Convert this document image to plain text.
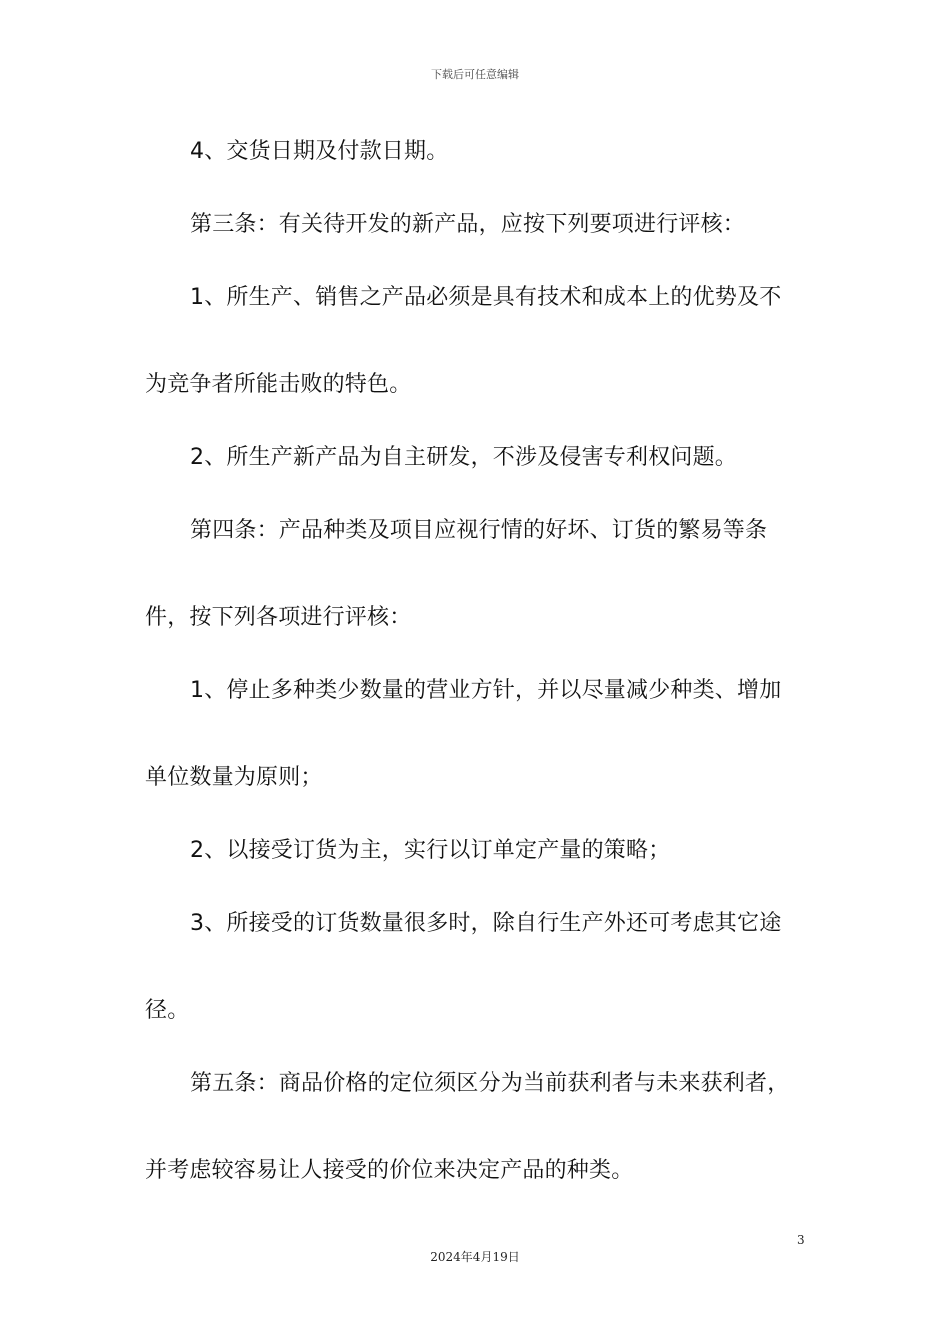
下载后可任意编辑
4、交货日期及付款日期。
第三条：有关待开发的新产品，应按下列要项进行评核：
1、所生产、销售之产品必须是具有技术和成本上的优势及不
为竞争者所能击败的特色。
2、所生产新产品为自主研发，不涉及侵害专利权问题。
第四条：产品种类及项目应视行情的好坏、订货的繁易等条
件，按下列各项进行评核：
1、停止多种类少数量的营业方针，并以尽量减少种类、增加
单位数量为原则；
2、以接受订货为主，实行以订单定产量的策略；
3、所接受的订货数量很多时，除自行生产外还可考虑其它途
径。
第五条：商品价格的定位须区分为当前获利者与未来获利者，
并考虑较容易让人接受的价位来决定产品的种类。
3
2024年4月19日
